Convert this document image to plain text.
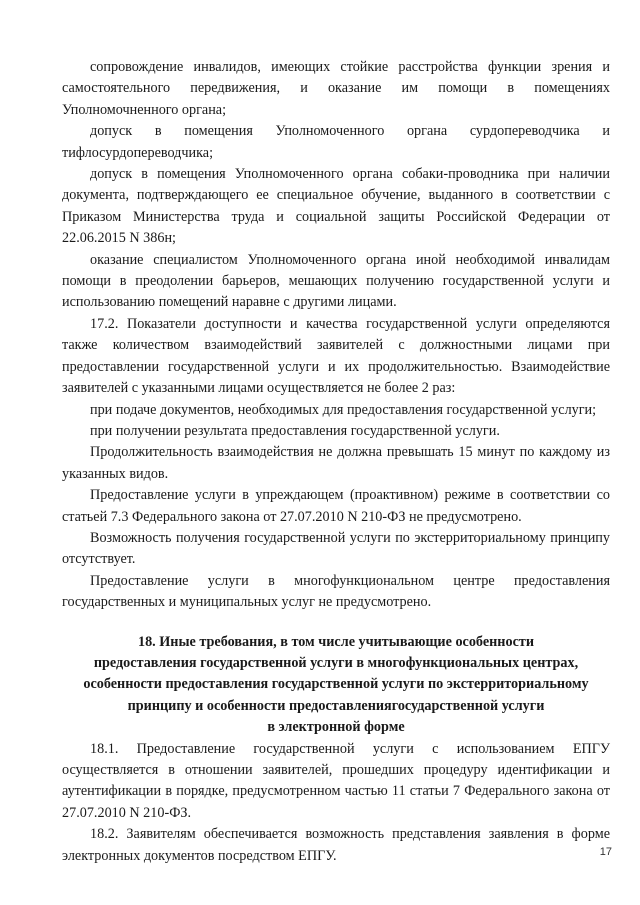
сопровождение инвалидов, имеющих стойкие расстройства функции зрения и самостоятельного передвижения, и оказание им помощи в помещениях Уполномочненного органа;

допуск в помещения Уполномоченного органа сурдопереводчика и тифлосурдопереводчика;

допуск в помещения Уполномоченного органа собаки-проводника при наличии документа, подтверждающего ее специальное обучение, выданного в соответствии с Приказом Министерства труда и социальной защиты Российской Федерации от 22.06.2015 N 386н;

оказание специалистом Уполномоченного органа иной необходимой инвалидам помощи в преодолении барьеров, мешающих получению государственной услуги и использованию помещений наравне с другими лицами.

17.2. Показатели доступности и качества государственной услуги определяются также количеством взаимодействий заявителей с должностными лицами при предоставлении государственной услуги и их продолжительностью. Взаимодействие заявителей с указанными лицами осуществляется не более 2 раз:

при подаче документов, необходимых для предоставления государственной услуги;

при получении результата предоставления государственной услуги.

Продолжительность взаимодействия не должна превышать 15 минут по каждому из указанных видов.

Предоставление услуги в упреждающем (проактивном) режиме в соответствии со статьей 7.3 Федерального закона от 27.07.2010 N 210-ФЗ не предусмотрено.

Возможность получения государственной услуги по экстерриториальному принципу отсутствует.

Предоставление услуги в многофункциональном центре предоставления государственных и муниципальных услуг не предусмотрено.

18. Иные требования, в том числе учитывающие особенности
предоставления государственной услуги в многофункциональных центрах,
особенности предоставления государственной услуги по экстерриториальному
принципу и особенности предоставлениягосударственной услуги
в электронной форме

18.1. Предоставление государственной услуги с использованием ЕПГУ осуществляется в отношении заявителей, прошедших процедуру идентификации и аутентификации в порядке, предусмотренном частью 11 статьи 7 Федерального закона от 27.07.2010 N 210-ФЗ.

18.2. Заявителям обеспечивается возможность представления заявления в форме электронных документов посредством ЕПГУ.	17
